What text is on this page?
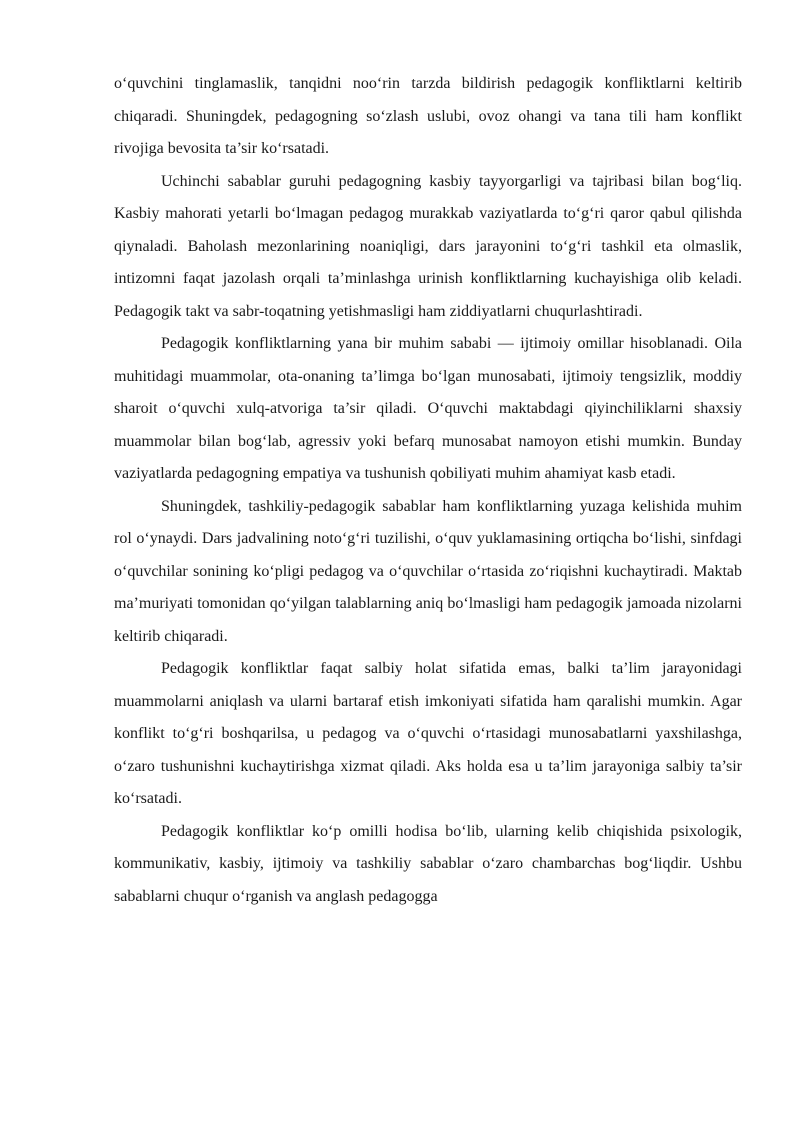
o‘quvchini tinglamaslik, tanqidni noo‘rin tarzda bildirish pedagogik konfliktlarni keltirib chiqaradi. Shuningdek, pedagogning so‘zlash uslubi, ovoz ohangi va tana tili ham konflikt rivojiga bevosita ta’sir ko‘rsatadi.

Uchinchi sabablar guruhi pedagogning kasbiy tayyorgarligi va tajribasi bilan bog‘liq. Kasbiy mahorati yetarli bo‘lmagan pedagog murakkab vaziyatlarda to‘g‘ri qaror qabul qilishda qiynaladi. Baholash mezonlarining noaniqligi, dars jarayonini to‘g‘ri tashkil eta olmaslik, intizomni faqat jazolash orqali ta’minlashga urinish konfliktlarning kuchayishiga olib keladi. Pedagogik takt va sabr-toqatning yetishmasligi ham ziddiyatlarni chuqurlashtiradi.

Pedagogik konfliktlarning yana bir muhim sababi — ijtimoiy omillar hisoblanadi. Oila muhitidagi muammolar, ota-onaning ta’limga bo‘lgan munosabati, ijtimoiy tengsizlik, moddiy sharoit o‘quvchi xulq-atvoriga ta’sir qiladi. O‘quvchi maktabdagi qiyinchiliklarni shaxsiy muammolar bilan bog‘lab, agressiv yoki befarq munosabat namoyon etishi mumkin. Bunday vaziyatlarda pedagogning empatiya va tushunish qobiliyati muhim ahamiyat kasb etadi.

Shuningdek, tashkiliy-pedagogik sabablar ham konfliktlarning yuzaga kelishida muhim rol o‘ynaydi. Dars jadvalining noto‘g‘ri tuzilishi, o‘quv yuklamasining ortiqcha bo‘lishi, sinfdagi o‘quvchilar sonining ko‘pligi pedagog va o‘quvchilar o‘rtasida zo‘riqishni kuchaytiradi. Maktab ma’muriyati tomonidan qo‘yilgan talablarning aniq bo‘lmasligi ham pedagogik jamoada nizolarni keltirib chiqaradi.

Pedagogik konfliktlar faqat salbiy holat sifatida emas, balki ta’lim jarayonidagi muammolarni aniqlash va ularni bartaraf etish imkoniyati sifatida ham qaralishi mumkin. Agar konflikt to‘g‘ri boshqarilsa, u pedagog va o‘quvchi o‘rtasidagi munosabatlarni yaxshilashga, o‘zaro tushunishni kuchaytirishga xizmat qiladi. Aks holda esa u ta’lim jarayoniga salbiy ta’sir ko‘rsatadi.

Pedagogik konfliktlar ko‘p omilli hodisa bo‘lib, ularning kelib chiqishida psixologik, kommunikativ, kasbiy, ijtimoiy va tashkiliy sabablar o‘zaro chambarchas bog‘liqdir. Ushbu sabablarni chuqur o‘rganish va anglash pedagogga
